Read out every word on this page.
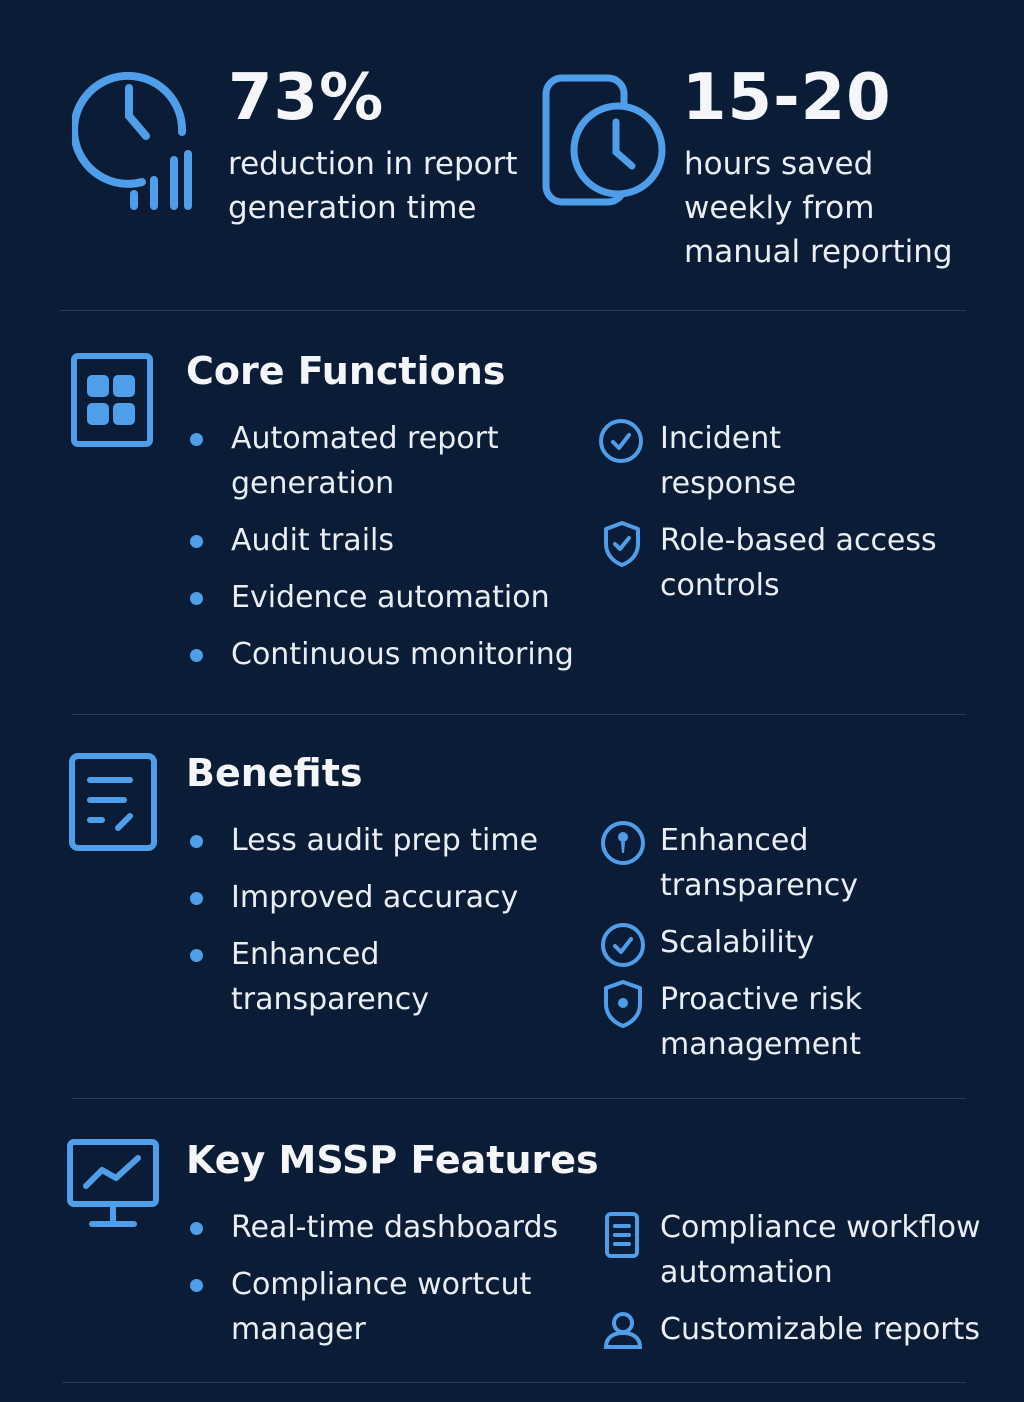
73%
reduction in report generation time
15-20
hours saved weekly from manual reporting
Core Functions
Automated report generation
Audit trails
Evidence automation
Continuous monitoring
Incident response
Role-based access controls
Benefits
Less audit prep time
Improved accuracy
Enhanced transparency
Enhanced transparency
Scalability
Proactive risk management
Key MSSP Features
Real-time dashboards
Compliance wortcut manager
Compliance workflow automation
Customizable reports
